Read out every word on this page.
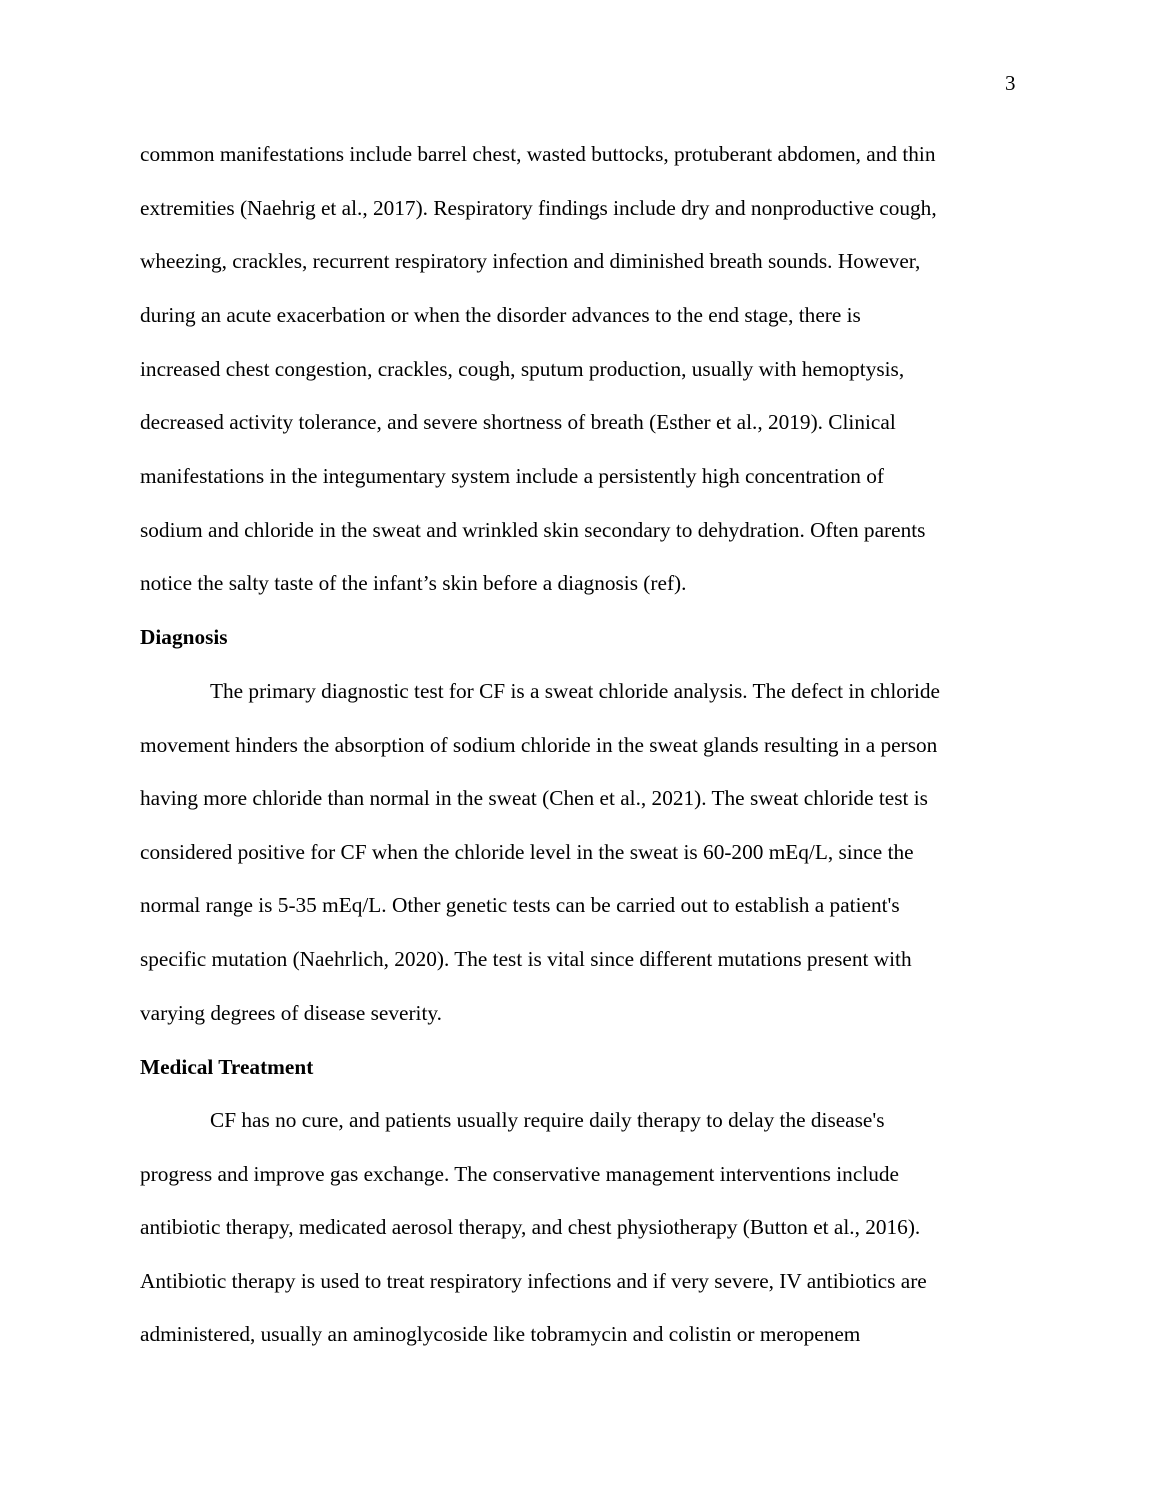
3
common manifestations include barrel chest, wasted buttocks, protuberant abdomen, and thin
extremities (Naehrig et al., 2017). Respiratory findings include dry and nonproductive cough,
wheezing, crackles, recurrent respiratory infection and diminished breath sounds. However,
during an acute exacerbation or when the disorder advances to the end stage, there is
increased chest congestion, crackles, cough, sputum production, usually with hemoptysis,
decreased activity tolerance, and severe shortness of breath (Esther et al., 2019). Clinical
manifestations in the integumentary system include a persistently high concentration of
sodium and chloride in the sweat and wrinkled skin secondary to dehydration. Often parents
notice the salty taste of the infant’s skin before a diagnosis (ref).
Diagnosis
The primary diagnostic test for CF is a sweat chloride analysis. The defect in chloride
movement hinders the absorption of sodium chloride in the sweat glands resulting in a person
having more chloride than normal in the sweat (Chen et al., 2021). The sweat chloride test is
considered positive for CF when the chloride level in the sweat is 60-200 mEq/L, since the
normal range is 5-35 mEq/L. Other genetic tests can be carried out to establish a patient's
specific mutation (Naehrlich, 2020). The test is vital since different mutations present with
varying degrees of disease severity.
Medical Treatment
CF has no cure, and patients usually require daily therapy to delay the disease's
progress and improve gas exchange. The conservative management interventions include
antibiotic therapy, medicated aerosol therapy, and chest physiotherapy (Button et al., 2016).
Antibiotic therapy is used to treat respiratory infections and if very severe, IV antibiotics are
administered, usually an aminoglycoside like tobramycin and colistin or meropenem
